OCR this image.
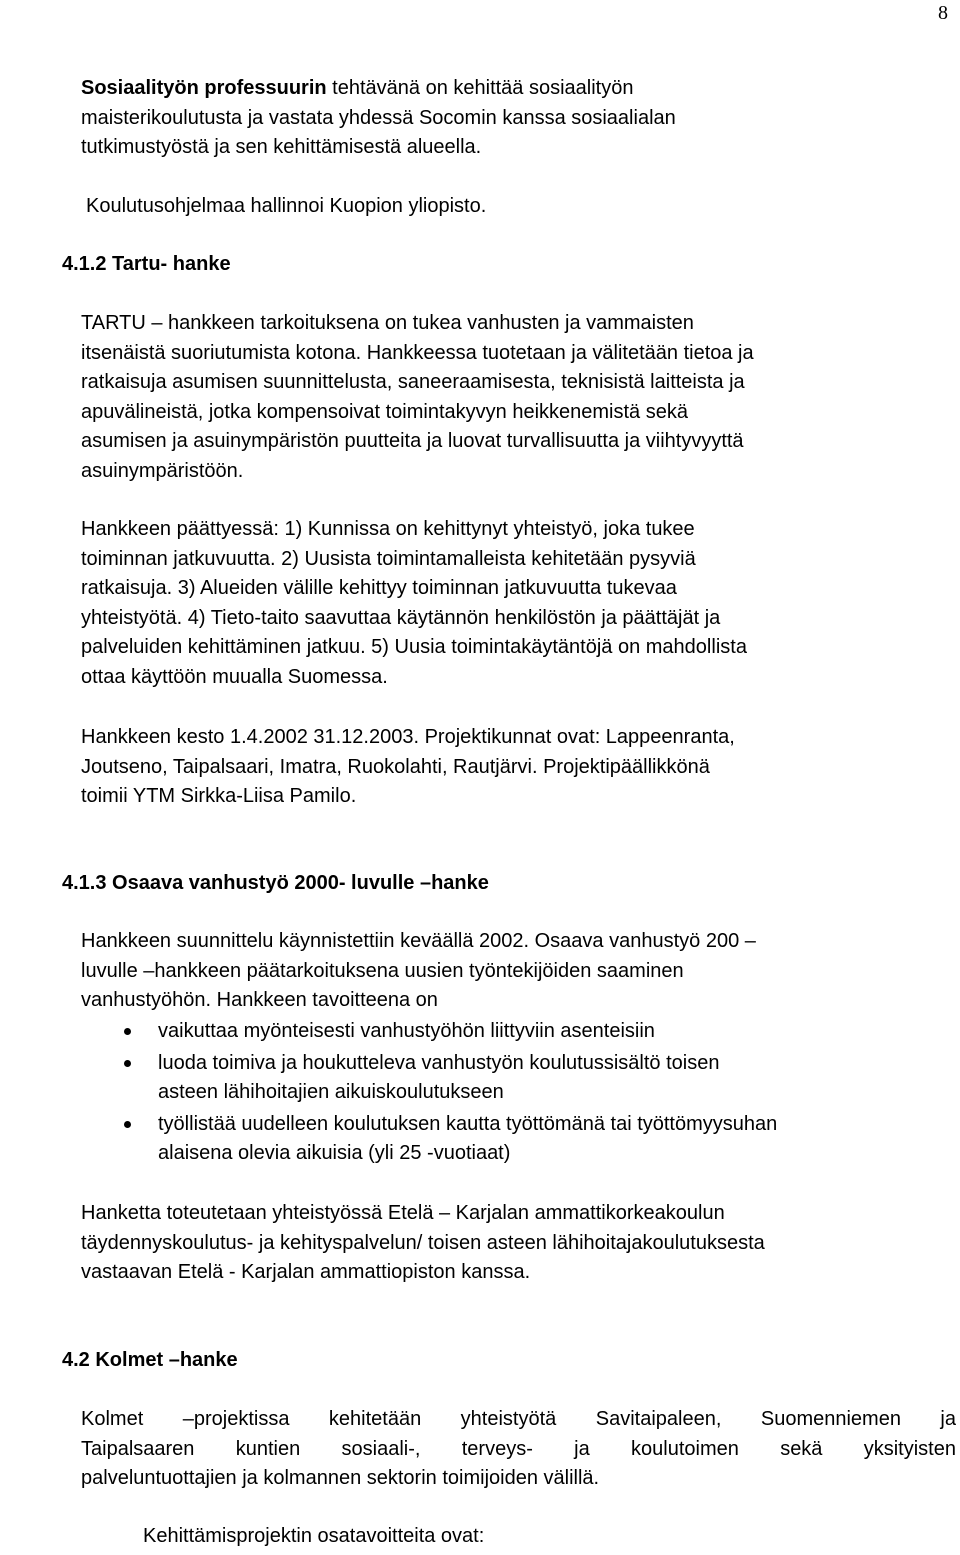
8
Sosiaalityön professuurin tehtävänä on kehittää sosiaalityön
maisterikoulutusta ja vastata yhdessä Socomin kanssa sosiaalialan
tutkimustyöstä ja sen kehittämisestä alueella.
Koulutusohjelmaa hallinnoi Kuopion yliopisto.
4.1.2 Tartu- hanke
TARTU – hankkeen tarkoituksena on tukea vanhusten ja vammaisten
itsenäistä suoriutumista kotona. Hankkeessa tuotetaan ja välitetään tietoa ja
ratkaisuja asumisen suunnittelusta, saneeraamisesta, teknisistä laitteista ja
apuvälineistä, jotka kompensoivat toimintakyvyn heikkenemistä sekä
asumisen ja asuinympäristön puutteita ja luovat turvallisuutta ja viihtyvyyttä
asuinympäristöön.
Hankkeen päättyessä: 1) Kunnissa on kehittynyt yhteistyö, joka tukee
toiminnan jatkuvuutta. 2) Uusista toimintamalleista kehitetään pysyviä
ratkaisuja. 3) Alueiden välille kehittyy toiminnan jatkuvuutta tukevaa
yhteistyötä. 4) Tieto-taito saavuttaa käytännön henkilöstön ja päättäjät ja
palveluiden kehittäminen jatkuu. 5) Uusia toimintakäytäntöjä on mahdollista
ottaa käyttöön muualla Suomessa.
Hankkeen kesto 1.4.2002 31.12.2003. Projektikunnat ovat: Lappeenranta,
Joutseno, Taipalsaari, Imatra, Ruokolahti, Rautjärvi. Projektipäällikkönä
toimii YTM Sirkka-Liisa Pamilo.
4.1.3 Osaava vanhustyö 2000- luvulle –hanke
Hankkeen suunnittelu käynnistettiin keväällä 2002. Osaava vanhustyö 200 –
luvulle –hankkeen päätarkoituksena uusien työntekijöiden saaminen
vanhustyöhön. Hankkeen tavoitteena on
vaikuttaa myönteisesti vanhustyöhön liittyviin asenteisiin
luoda toimiva ja houkutteleva vanhustyön koulutussisältö toisen
asteen lähihoitajien aikuiskoulutukseen
työllistää uudelleen koulutuksen kautta työttömänä tai työttömyysuhan
alaisena olevia aikuisia (yli 25 -vuotiaat)
Hanketta toteutetaan yhteistyössä Etelä – Karjalan ammattikorkeakoulun
täydennyskoulutus- ja kehityspalvelun/ toisen asteen lähihoitajakoulutuksesta
vastaavan Etelä - Karjalan ammattiopiston kanssa.
4.2 Kolmet –hanke
Kolmet –projektissa kehitetään yhteistyötä Savitaipaleen, Suomenniemen ja
Taipalsaaren kuntien sosiaali-, terveys- ja koulutoimen sekä yksityisten
palveluntuottajien ja kolmannen sektorin toimijoiden välillä.
Kehittämisprojektin osatavoitteita ovat:
